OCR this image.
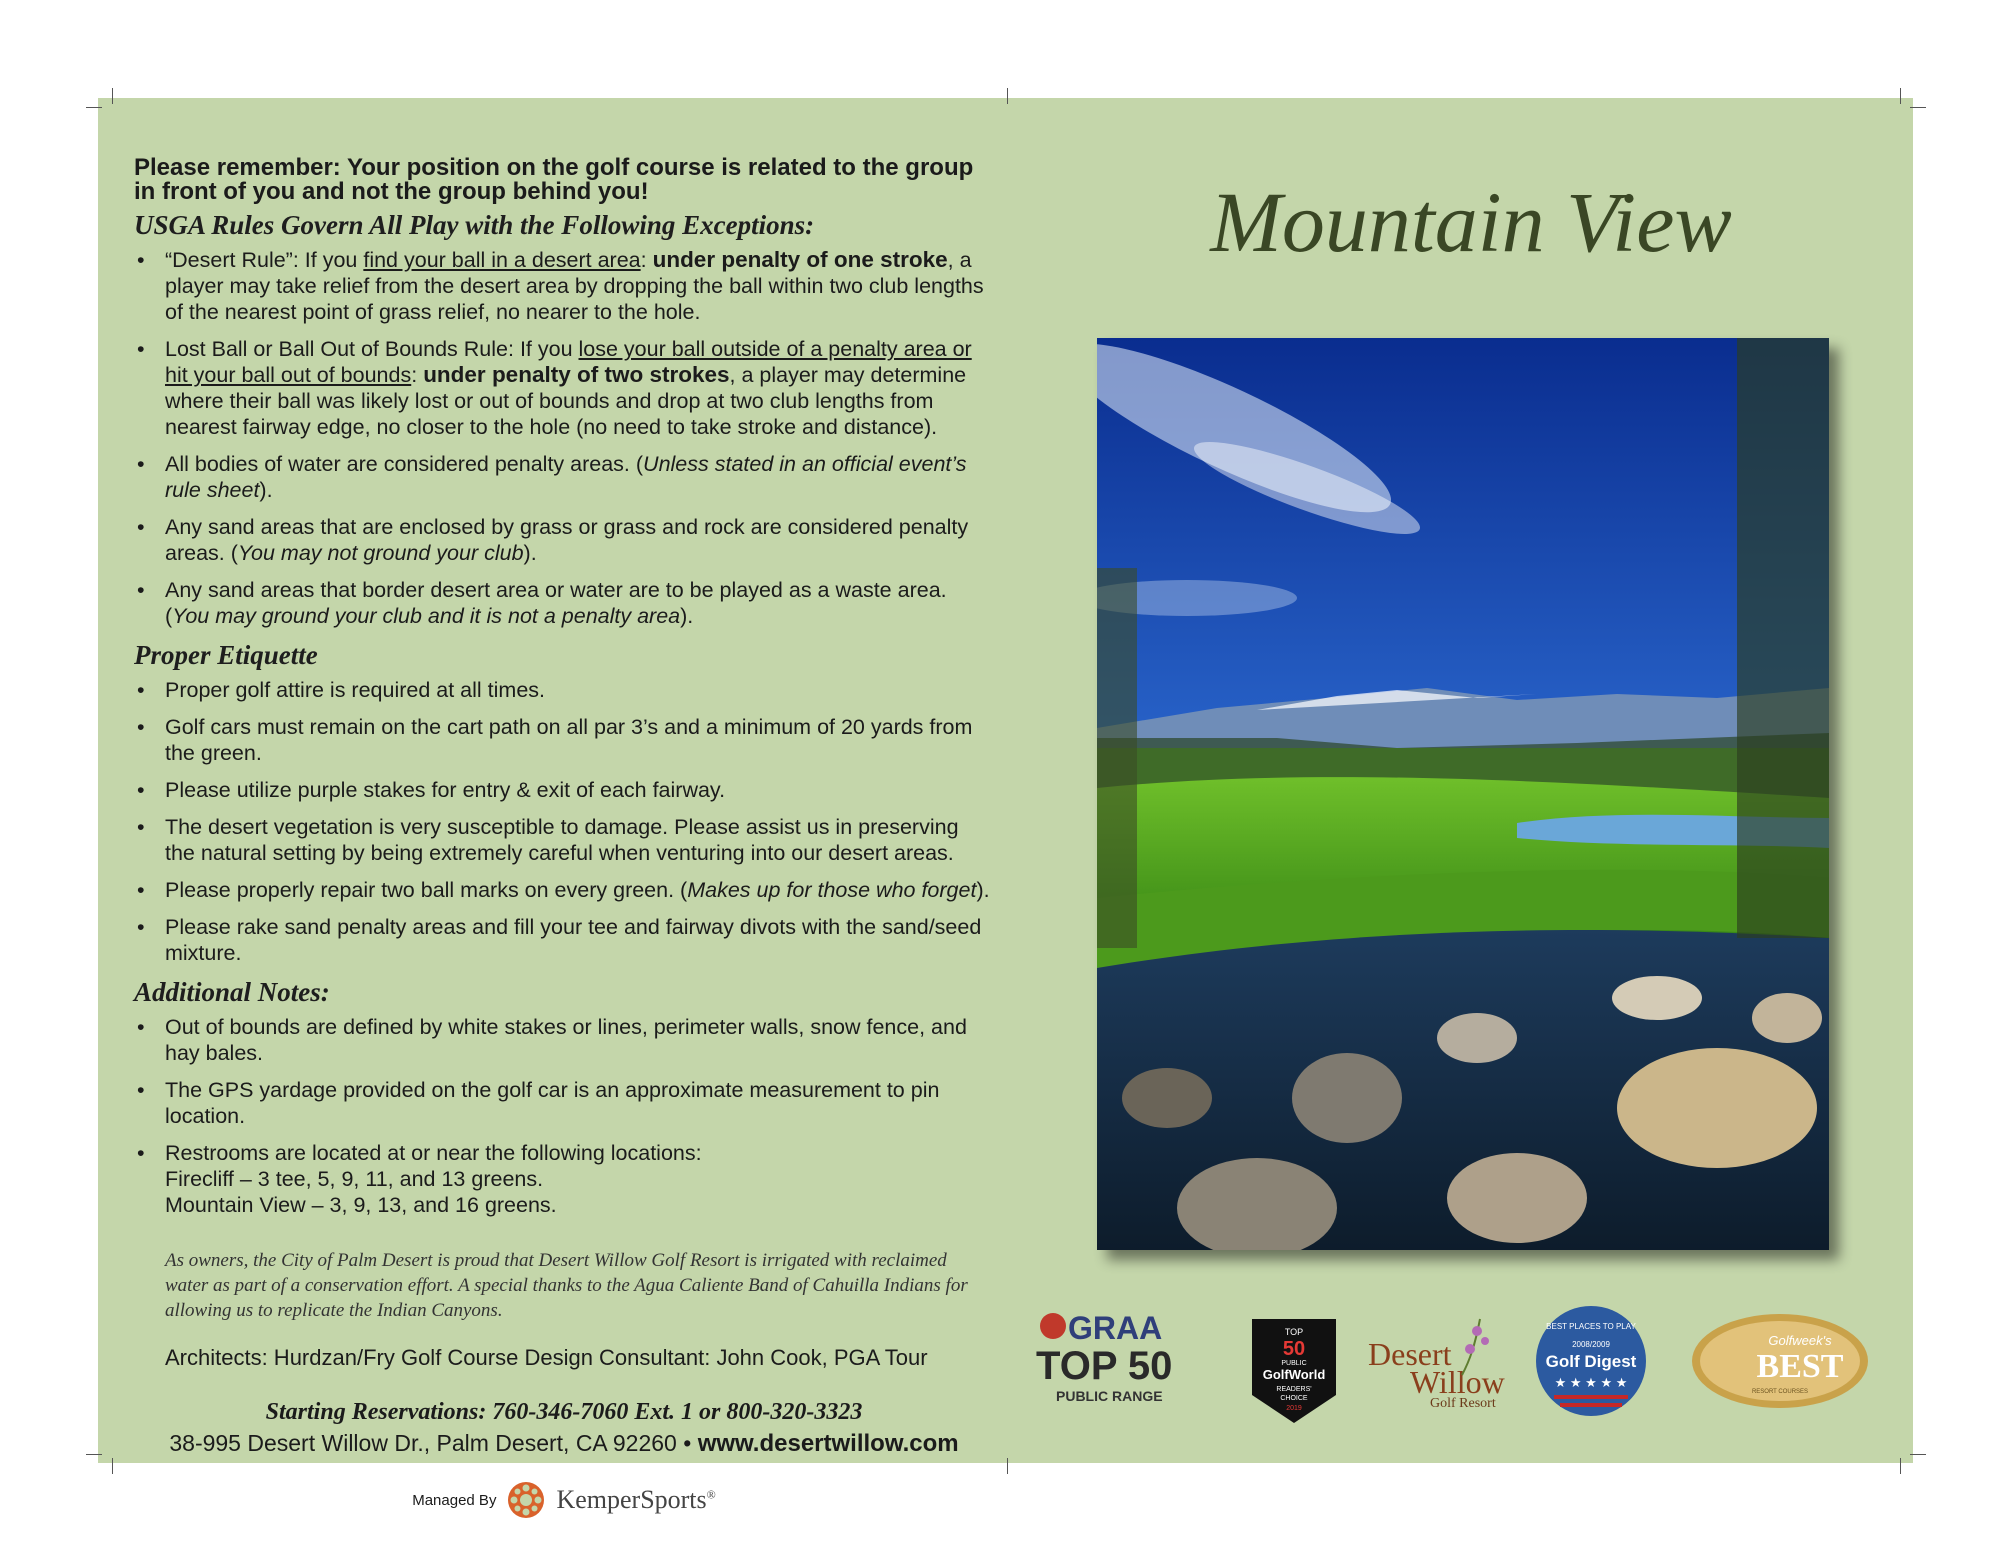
Please remember: Your position on the golf course is related to the group in front of you and not the group behind you!

USGA Rules Govern All Play with the Following Exceptions:
• “Desert Rule”: If you find your ball in a desert area: under penalty of one stroke, a player may take relief from the desert area by dropping the ball within two club lengths of the nearest point of grass relief, no nearer to the hole.
• Lost Ball or Ball Out of Bounds Rule: If you lose your ball outside of a penalty area or hit your ball out of bounds: under penalty of two strokes, a player may determine where their ball was likely lost or out of bounds and drop at two club lengths from nearest fairway edge, no closer to the hole (no need to take stroke and distance).
• All bodies of water are considered penalty areas. (Unless stated in an official event’s rule sheet).
• Any sand areas that are enclosed by grass or grass and rock are considered penalty areas. (You may not ground your club).
• Any sand areas that border desert area or water are to be played as a waste area. (You may ground your club and it is not a penalty area).
Proper Etiquette
• Proper golf attire is required at all times.
• Golf cars must remain on the cart path on all par 3’s and a minimum of 20 yards from the green.
• Please utilize purple stakes for entry & exit of each fairway.
• The desert vegetation is very susceptible to damage. Please assist us in preserving the natural setting by being extremely careful when venturing into our desert areas.
• Please properly repair two ball marks on every green. (Makes up for those who forget).
• Please rake sand penalty areas and fill your tee and fairway divots with the sand/seed mixture.
Additional Notes:
• Out of bounds are defined by white stakes or lines, perimeter walls, snow fence, and hay bales.
• The GPS yardage provided on the golf car is an approximate measurement to pin location.
• Restrooms are located at or near the following locations:
Firecliff – 3 tee, 5, 9, 11, and 13 greens.
Mountain View – 3, 9, 13, and 16 greens.
As owners, the City of Palm Desert is proud that Desert Willow Golf Resort is irrigated with reclaimed water as part of a conservation effort. A special thanks to the Agua Caliente Band of Cahuilla Indians for allowing us to replicate the Indian Canyons.
Architects: Hurdzan/Fry Golf Course Design Consultant: John Cook, PGA Tour
Starting Reservations: 760-346-7060 Ext. 1 or 800-320-3323
38-995 Desert Willow Dr., Palm Desert, CA 92260 • www.desertwillow.com
Managed By KemperSports®
Mountain View
GRAA
TOP 50
PUBLIC RANGE
TOP
50
PUBLIC
GolfWorld
READERS'
CHOICE
2019
Desert
Willow
Golf Resort
BEST PLACES TO PLAY
2008/2009
Golf Digest
★ ★ ★ ★ ★
Golfweek's
BEST
RESORT COURSES
